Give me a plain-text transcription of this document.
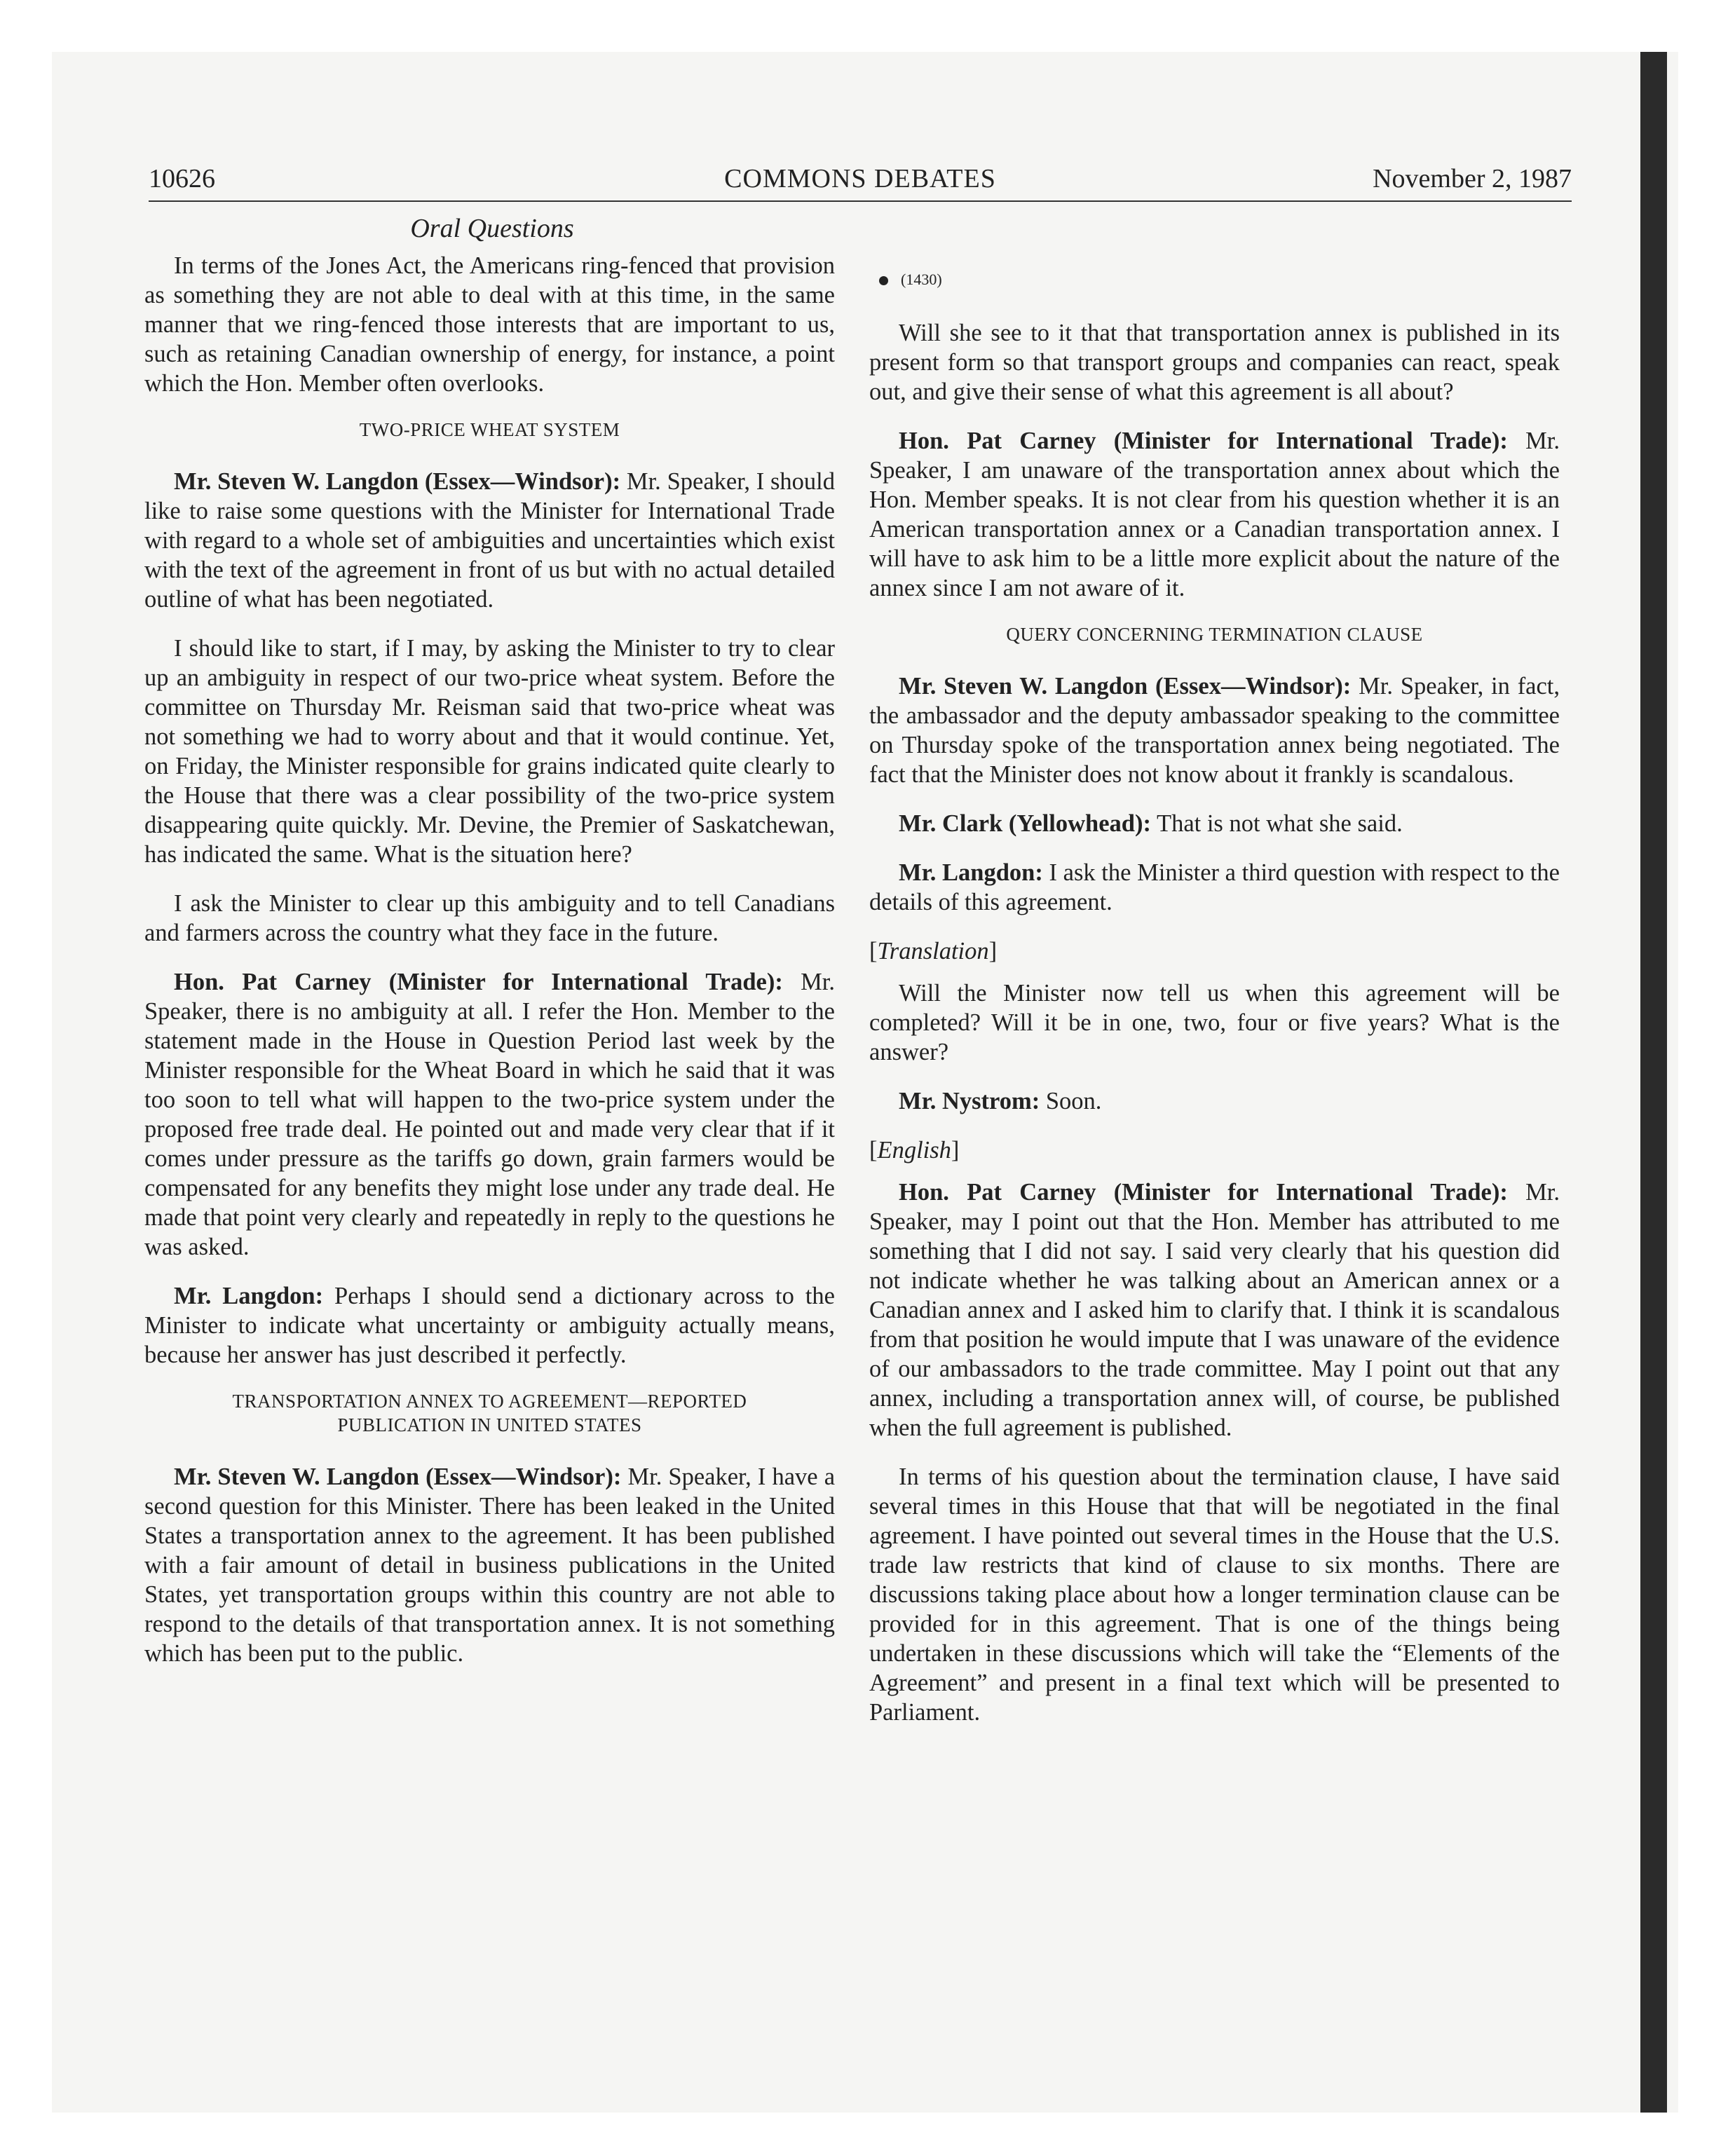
10626	COMMONS DEBATES	November 2, 1987
Oral Questions

In terms of the Jones Act, the Americans ring-fenced that provision as something they are not able to deal with at this time, in the same manner that we ring-fenced those interests that are important to us, such as retaining Canadian ownership of energy, for instance, a point which the Hon. Member often overlooks.

TWO-PRICE WHEAT SYSTEM

Mr. Steven W. Langdon (Essex—Windsor): Mr. Speaker, I should like to raise some questions with the Minister for International Trade with regard to a whole set of ambiguities and uncertainties which exist with the text of the agreement in front of us but with no actual detailed outline of what has been negotiated.

I should like to start, if I may, by asking the Minister to try to clear up an ambiguity in respect of our two-price wheat system. Before the committee on Thursday Mr. Reisman said that two-price wheat was not something we had to worry about and that it would continue. Yet, on Friday, the Minister responsible for grains indicated quite clearly to the House that there was a clear possibility of the two-price system disappearing quite quickly. Mr. Devine, the Premier of Saskatchewan, has indicated the same. What is the situation here?

I ask the Minister to clear up this ambiguity and to tell Canadians and farmers across the country what they face in the future.

Hon. Pat Carney (Minister for International Trade): Mr. Speaker, there is no ambiguity at all. I refer the Hon. Member to the statement made in the House in Question Period last week by the Minister responsible for the Wheat Board in which he said that it was too soon to tell what will happen to the two-price system under the proposed free trade deal. He pointed out and made very clear that if it comes under pressure as the tariffs go down, grain farmers would be compensated for any benefits they might lose under any trade deal. He made that point very clearly and repeatedly in reply to the questions he was asked.

Mr. Langdon: Perhaps I should send a dictionary across to the Minister to indicate what uncertainty or ambiguity actually means, because her answer has just described it perfectly.

TRANSPORTATION ANNEX TO AGREEMENT—REPORTED
PUBLICATION IN UNITED STATES

Mr. Steven W. Langdon (Essex—Windsor): Mr. Speaker, I have a second question for this Minister. There has been leaked in the United States a transportation annex to the agreement. It has been published with a fair amount of detail in business publications in the United States, yet transportation groups within this country are not able to respond to the details of that transportation annex. It is not something which has been put to the public.

(1430)

Will she see to it that that transportation annex is published in its present form so that transport groups and companies can react, speak out, and give their sense of what this agreement is all about?

Hon. Pat Carney (Minister for International Trade): Mr. Speaker, I am unaware of the transportation annex about which the Hon. Member speaks. It is not clear from his question whether it is an American transportation annex or a Canadian transportation annex. I will have to ask him to be a little more explicit about the nature of the annex since I am not aware of it.

QUERY CONCERNING TERMINATION CLAUSE

Mr. Steven W. Langdon (Essex—Windsor): Mr. Speaker, in fact, the ambassador and the deputy ambassador speaking to the committee on Thursday spoke of the transportation annex being negotiated. The fact that the Minister does not know about it frankly is scandalous.

Mr. Clark (Yellowhead): That is not what she said.

Mr. Langdon: I ask the Minister a third question with respect to the details of this agreement.

[Translation]

Will the Minister now tell us when this agreement will be completed? Will it be in one, two, four or five years? What is the answer?

Mr. Nystrom: Soon.

[English]

Hon. Pat Carney (Minister for International Trade): Mr. Speaker, may I point out that the Hon. Member has attributed to me something that I did not say. I said very clearly that his question did not indicate whether he was talking about an American annex or a Canadian annex and I asked him to clarify that. I think it is scandalous from that position he would impute that I was unaware of the evidence of our ambassadors to the trade committee. May I point out that any annex, including a transportation annex will, of course, be published when the full agreement is published.

In terms of his question about the termination clause, I have said several times in this House that that will be negotiated in the final agreement. I have pointed out several times in the House that the U.S. trade law restricts that kind of clause to six months. There are discussions taking place about how a longer termination clause can be provided for in this agreement. That is one of the things being undertaken in these discussions which will take the “Elements of the Agreement” and present in a final text which will be presented to Parliament.
